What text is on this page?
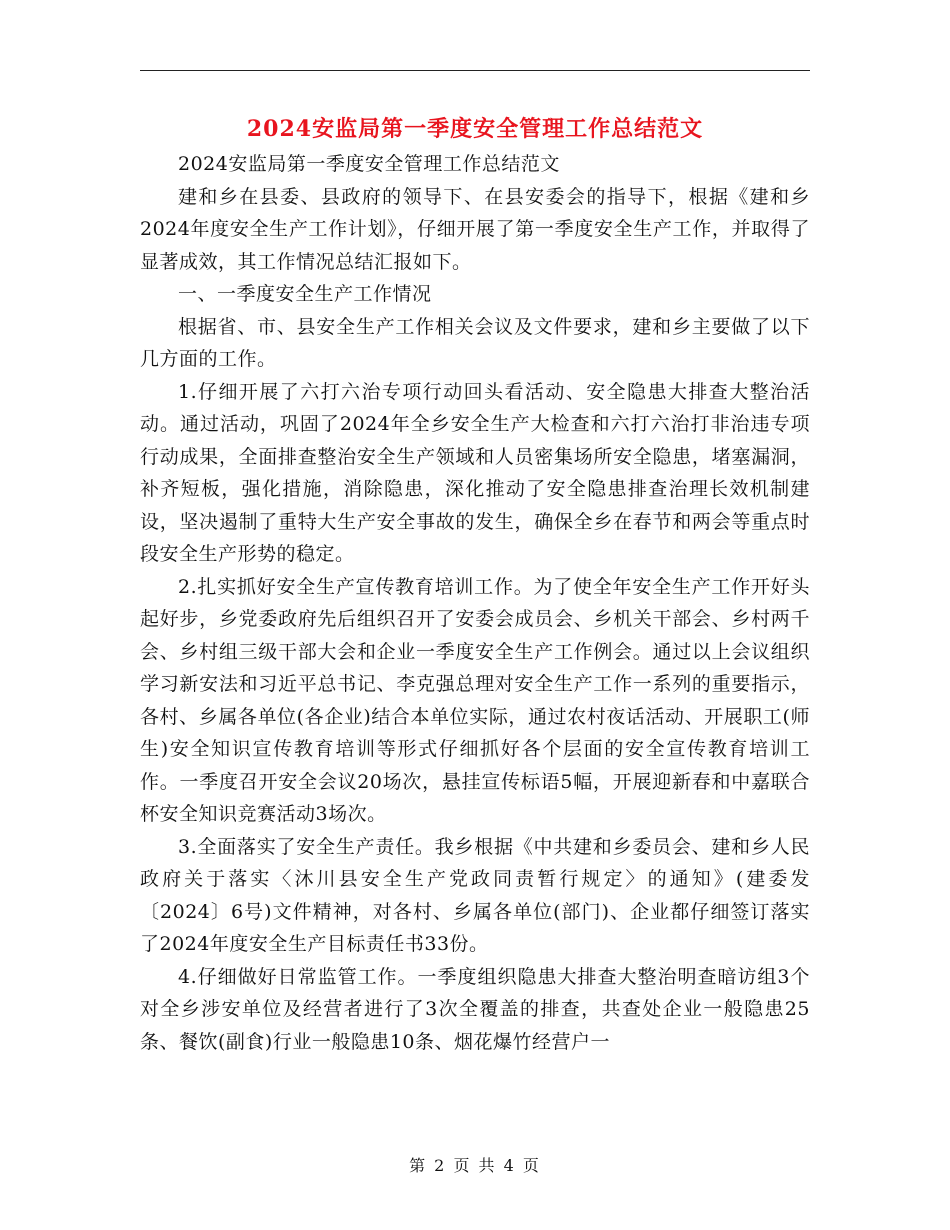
2024安监局第一季度安全管理工作总结范文

2024安监局第一季度安全管理工作总结范文

建和乡在县委、县政府的领导下、在县安委会的指导下，根据《建和乡2024年度安全生产工作计划》，仔细开展了第一季度安全生产工作，并取得了显著成效，其工作情况总结汇报如下。

一、一季度安全生产工作情况

根据省、市、县安全生产工作相关会议及文件要求，建和乡主要做了以下几方面的工作。

1.仔细开展了六打六治专项行动回头看活动、安全隐患大排查大整治活动。通过活动，巩固了2024年全乡安全生产大检查和六打六治打非治违专项行动成果，全面排查整治安全生产领域和人员密集场所安全隐患，堵塞漏洞，补齐短板，强化措施，消除隐患，深化推动了安全隐患排查治理长效机制建设，坚决遏制了重特大生产安全事故的发生，确保全乡在春节和两会等重点时段安全生产形势的稳定。

2.扎实抓好安全生产宣传教育培训工作。为了使全年安全生产工作开好头起好步，乡党委政府先后组织召开了安委会成员会、乡机关干部会、乡村两千会、乡村组三级干部大会和企业一季度安全生产工作例会。通过以上会议组织学习新安法和习近平总书记、李克强总理对安全生产工作一系列的重要指示，各村、乡属各单位(各企业)结合本单位实际，通过农村夜话活动、开展职工(师生)安全知识宣传教育培训等形式仔细抓好各个层面的安全宣传教育培训工作。一季度召开安全会议20场次，悬挂宣传标语5幅，开展迎新春和中嘉联合杯安全知识竞赛活动3场次。

3.全面落实了安全生产责任。我乡根据《中共建和乡委员会、建和乡人民政府关于落实〈沐川县安全生产党政同责暂行规定〉的通知》(建委发〔2024〕6号)文件精神，对各村、乡属各单位(部门)、企业都仔细签订落实了2024年度安全生产目标责任书33份。

4.仔细做好日常监管工作。一季度组织隐患大排查大整治明查暗访组3个对全乡涉安单位及经营者进行了3次全覆盖的排查，共查处企业一般隐患25条、餐饮(副食)行业一般隐患10条、烟花爆竹经营户一

第 2 页 共 4 页
